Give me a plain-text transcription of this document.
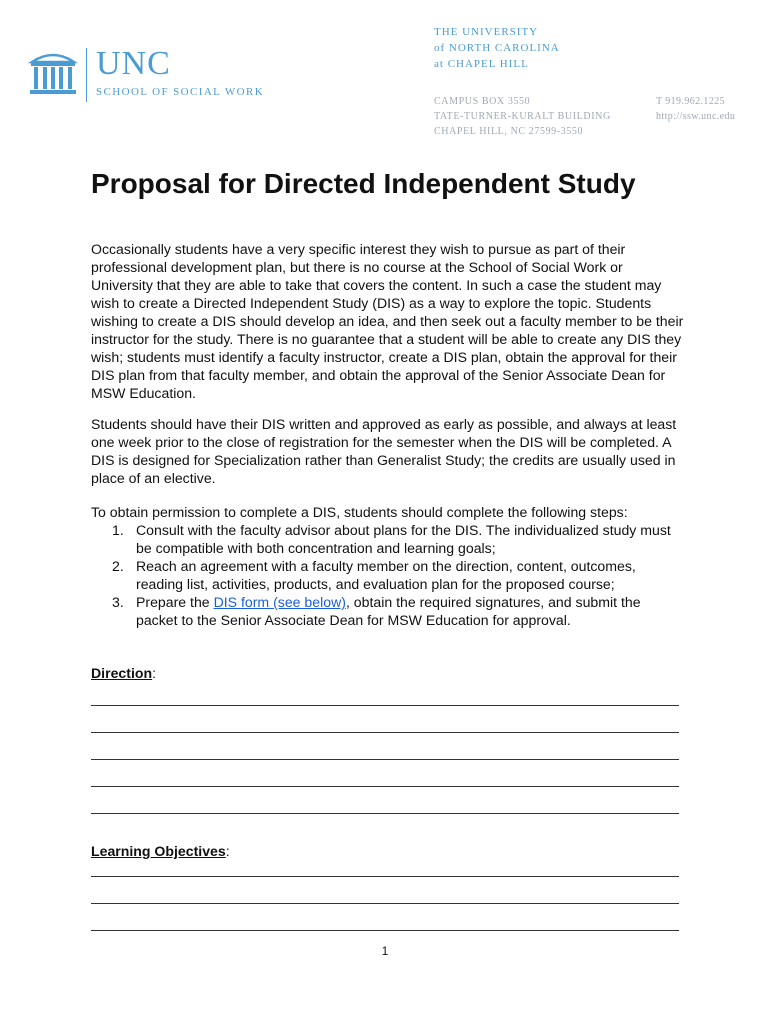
UNC
SCHOOL OF SOCIAL WORK
THE UNIVERSITY
of NORTH CAROLINA
at CHAPEL HILL
CAMPUS BOX 3550
TATE-TURNER-KURALT BUILDING
CHAPEL HILL, NC 27599-3550
T 919.962.1225
http://ssw.unc.edu
Proposal for Directed Independent Study

Occasionally students have a very specific interest they wish to pursue as part of their professional development plan, but there is no course at the School of Social Work or University that they are able to take that covers the content. In such a case the student may wish to create a Directed Independent Study (DIS) as a way to explore the topic. Students wishing to create a DIS should develop an idea, and then seek out a faculty member to be their instructor for the study. There is no guarantee that a student will be able to create any DIS they wish; students must identify a faculty instructor, create a DIS plan, obtain the approval for their DIS plan from that faculty member, and obtain the approval of the Senior Associate Dean for MSW Education.

Students should have their DIS written and approved as early as possible, and always at least one week prior to the close of registration for the semester when the DIS will be completed. A DIS is designed for Specialization rather than Generalist Study; the credits are usually used in place of an elective.

To obtain permission to complete a DIS, students should complete the following steps:

1. Consult with the faculty advisor about plans for the DIS. The individualized study must be compatible with both concentration and learning goals;
2. Reach an agreement with a faculty member on the direction, content, outcomes, reading list, activities, products, and evaluation plan for the proposed course;
3. Prepare the DIS form (see below), obtain the required signatures, and submit the packet to the Senior Associate Dean for MSW Education for approval.

Direction:

Learning Objectives:

1
